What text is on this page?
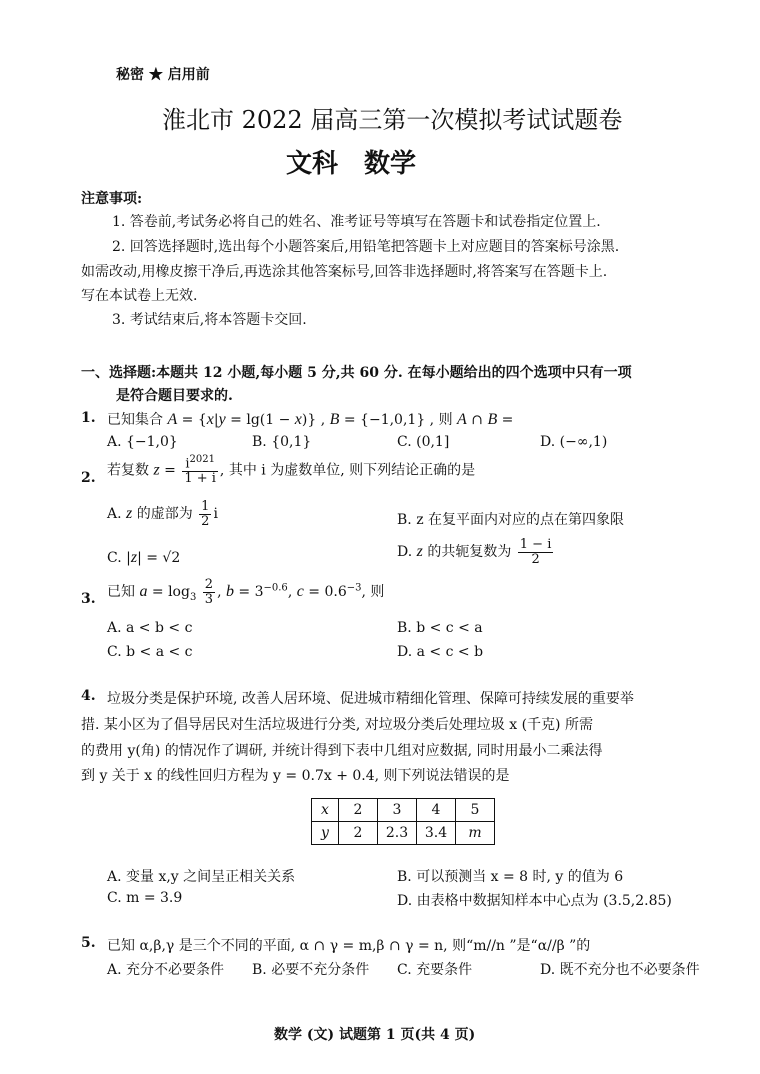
秘密 ★ 启用前
淮北市 2022 届高三第一次模拟考试试题卷
文科　数学
注意事项:
1. 答卷前,考试务必将自己的姓名、准考证号等填写在答题卡和试卷指定位置上.
2. 回答选择题时,选出每个小题答案后,用铅笔把答题卡上对应题目的答案标号涂黑.
如需改动,用橡皮擦干净后,再选涂其他答案标号,回答非选择题时,将答案写在答题卡上.
写在本试卷上无效.
3. 考试结束后,将本答题卡交回.
一、选择题:本题共 12 小题,每小题 5 分,共 60 分. 在每小题给出的四个选项中只有一项
是符合题目要求的.
1. 已知集合 A = {x|y = lg(1 − x)} , B = {−1,0,1} , 则 A ∩ B =
A. {−1,0}	B. {0,1}	C. (0,1]	D. (−∞,1)
2. 若复数 $z = \frac{i^{2021}}{1 + i}$ , 其中 i 为虚数单位, 则下列结论正确的是
A. z 的虚部为 $\frac{1}{2}$ i	B. z 在复平面内对应的点在第四象限
C. |z| = √2	D. z 的共轭复数为 $\frac{1 - i}{2}$
3. 已知 $a = \log_3 \frac{2}{3}$ , $b = 3^{-0.6}$, $c = 0.6^{-3}$, 则
A. a < b < c	B. b < c < a
C. b < a < c	D. a < c < b
4. 垃圾分类是保护环境, 改善人居环境、促进城市精细化管理、保障可持续发展的重要举
措. 某小区为了倡导居民对生活垃圾进行分类, 对垃圾分类后处理垃圾 x (千克) 所需
的费用 y(角) 的情况作了调研, 并统计得到下表中几组对应数据, 同时用最小二乘法得
到 y 关于 x 的线性回归方程为 y = 0.7x + 0.4, 则下列说法错误的是
x	2	3	4	5
y	2	2.3	3.4	m
A. 变量 x,y 之间呈正相关关系	B. 可以预测当 x = 8 时, y 的值为 6
C. m = 3.9	D. 由表格中数据知样本中心点为 (3.5,2.85)
5. 已知 α,β,γ 是三个不同的平面, α ∩ γ = m,β ∩ γ = n, 则“m//n ”是“α//β ”的
A. 充分不必要条件 B. 必要不充分条件 C. 充要条件	D. 既不充分也不必要条件
数学 (文) 试题第 1 页(共 4 页)
